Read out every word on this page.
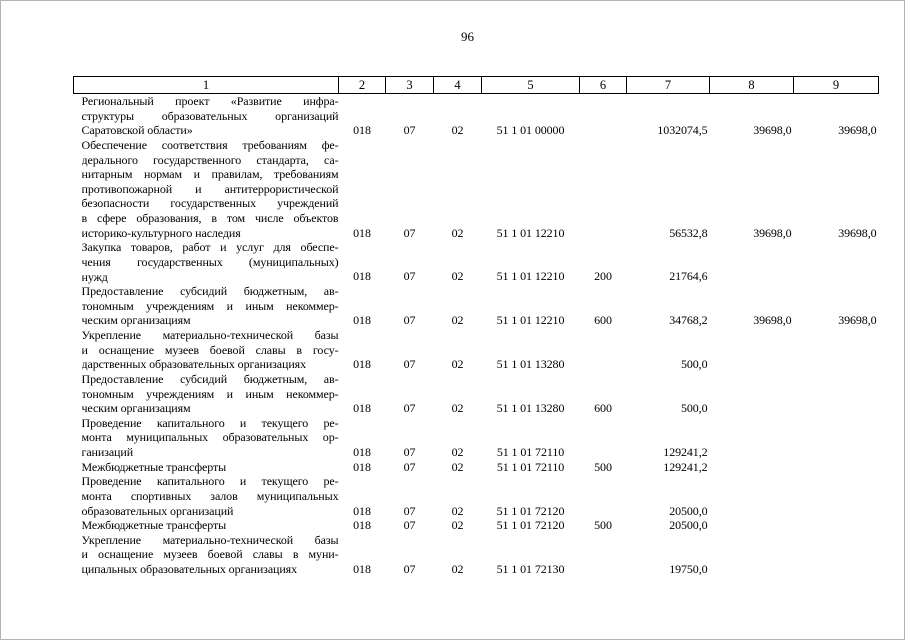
96
1	2	3	4	5	6	7	8	9

Региональный проект «Развитие инфра-
структуры образовательных организаций
Саратовской области»	018	07	02	51 1 01 00000		1032074,5	39698,0	39698,0

Обеспечение соответствия требованиям фе-
дерального государственного стандарта, са-
нитарным нормам и правилам, требованиям
противопожарной и антитеррористической
безопасности государственных учреждений
в сфере образования, в том числе объектов
историко-культурного наследия	018	07	02	51 1 01 12210		56532,8	39698,0	39698,0

Закупка товаров, работ и услуг для обеспе-
чения государственных (муниципальных)
нужд	018	07	02	51 1 01 12210	200	21764,6		

Предоставление субсидий бюджетным, ав-
тономным учреждениям и иным некоммер-
ческим организациям	018	07	02	51 1 01 12210	600	34768,2	39698,0	39698,0

Укрепление материально-технической базы
и оснащение музеев боевой славы в госу-
дарственных образовательных организациях	018	07	02	51 1 01 13280		500,0		

Предоставление субсидий бюджетным, ав-
тономным учреждениям и иным некоммер-
ческим организациям	018	07	02	51 1 01 13280	600	500,0		

Проведение капитального и текущего ре-
монта муниципальных образовательных ор-
ганизаций	018	07	02	51 1 01 72110		129241,2		

Межбюджетные трансферты	018	07	02	51 1 01 72110	500	129241,2		

Проведение капитального и текущего ре-
монта спортивных залов муниципальных
образовательных организаций	018	07	02	51 1 01 72120		20500,0		

Межбюджетные трансферты	018	07	02	51 1 01 72120	500	20500,0		

Укрепление материально-технической базы
и оснащение музеев боевой славы в муни-
ципальных образовательных организациях	018	07	02	51 1 01 72130		19750,0		
